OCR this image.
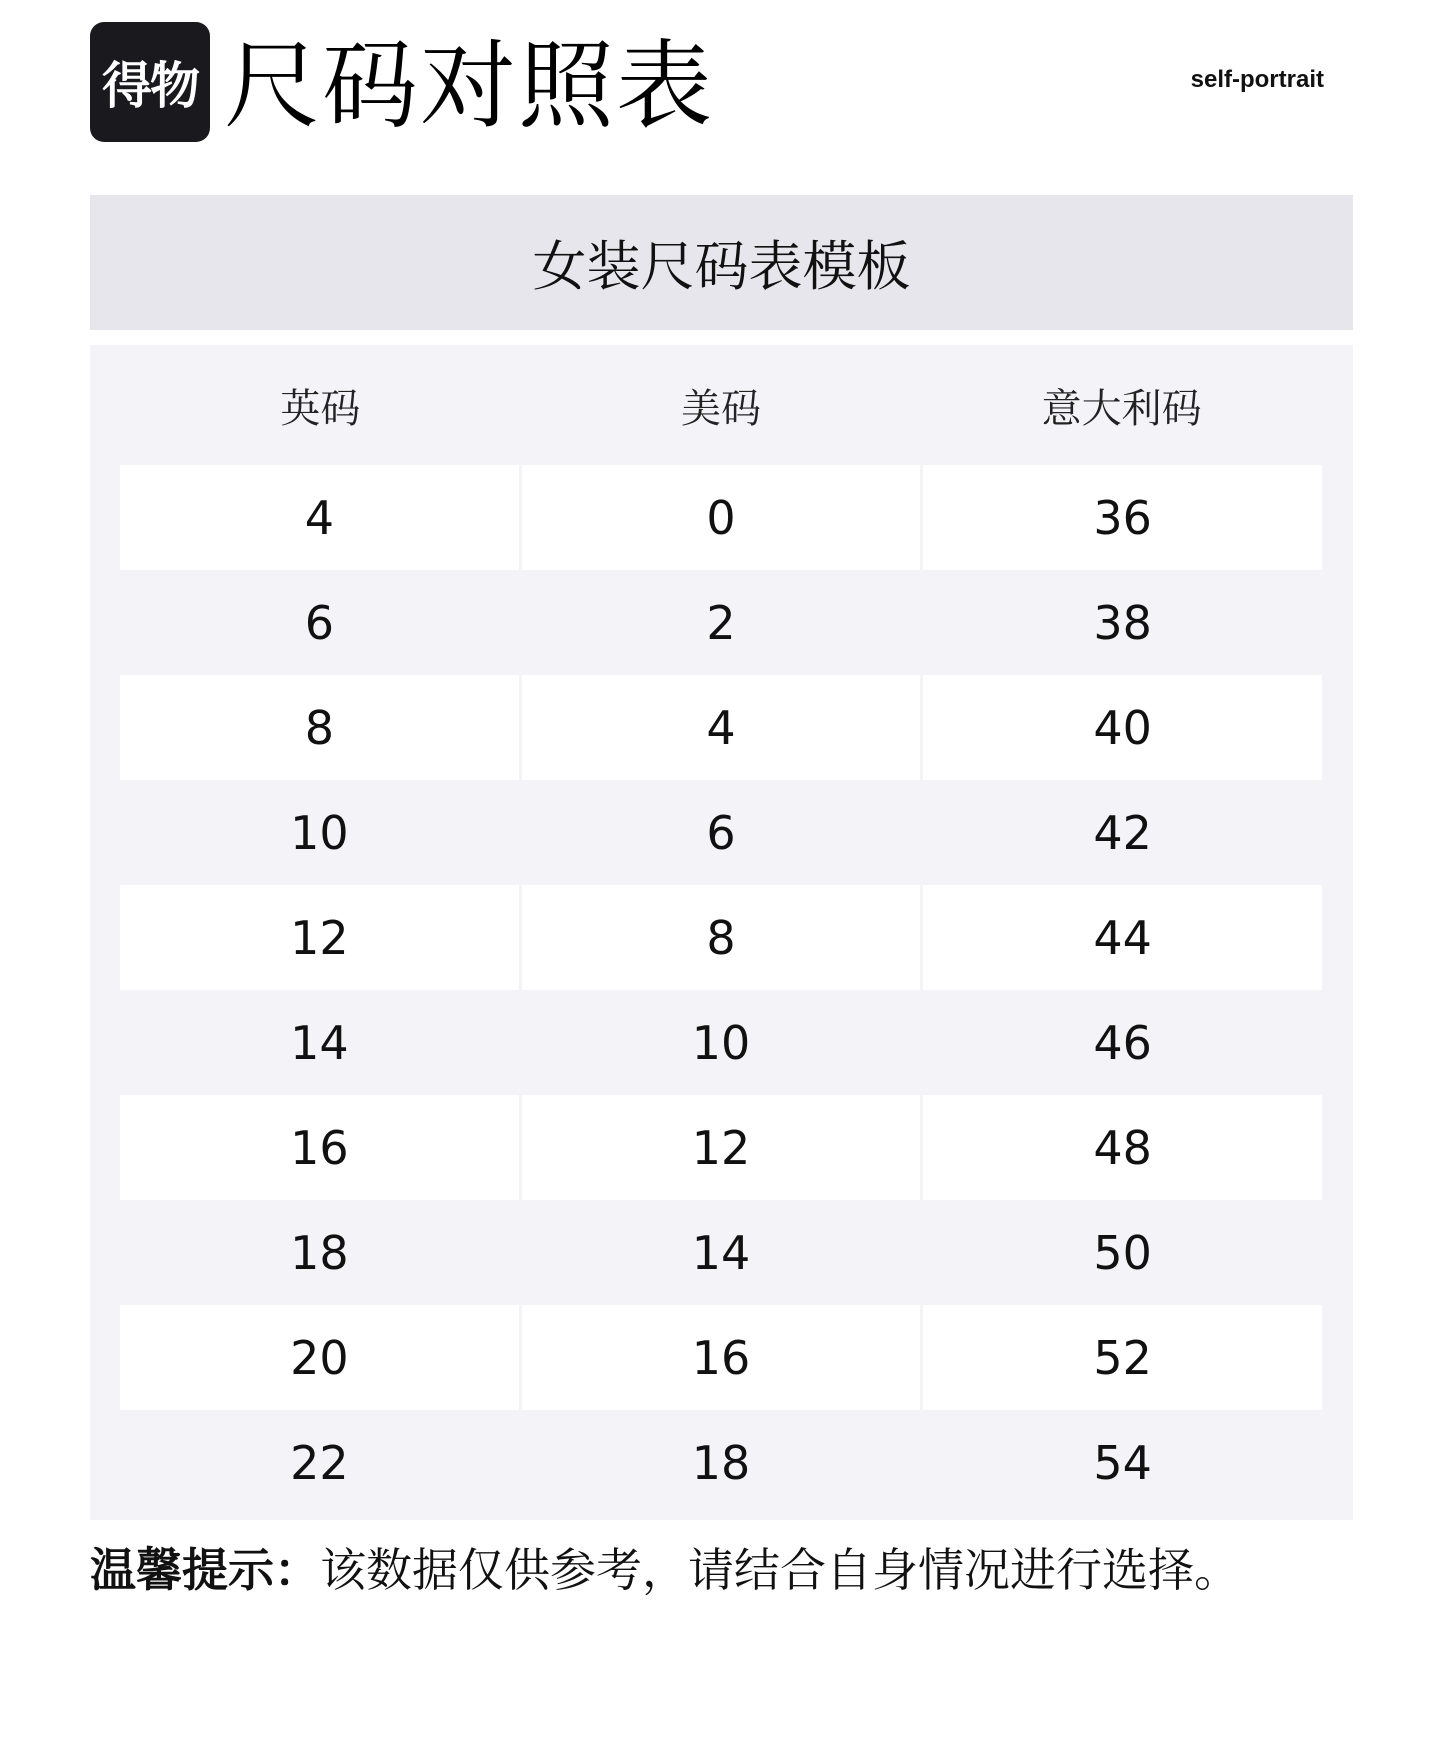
得物 尺码对照表	self-portrait
女装尺码表模板
英码	美码	意大利码
4	0	36
6	2	38
8	4	40
10	6	42
12	8	44
14	10	46
16	12	48
18	14	50
20	16	52
22	18	54
温馨提示：该数据仅供参考，请结合自身情况进行选择。
